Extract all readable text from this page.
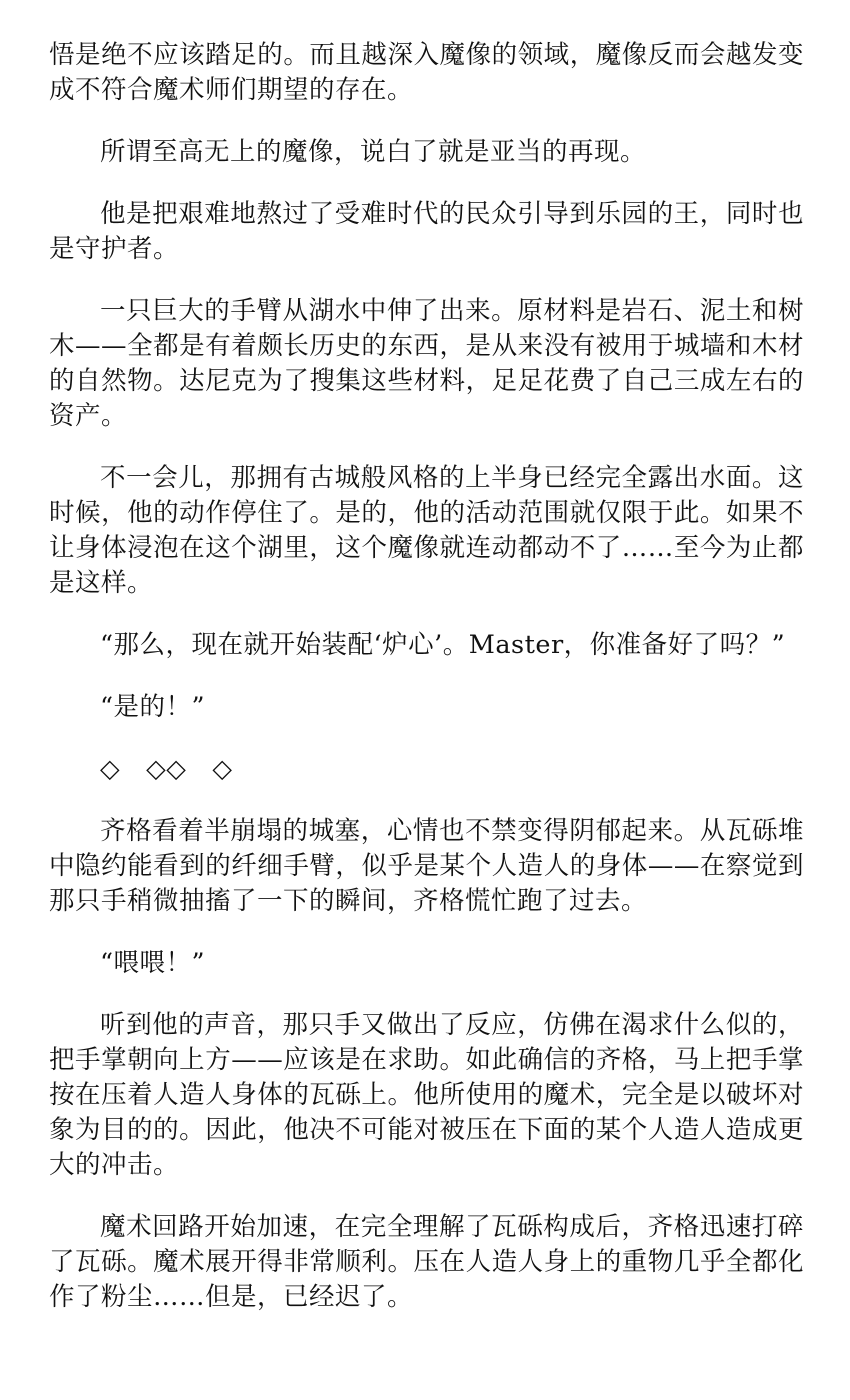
悟是绝不应该踏足的。而且越深入魔像的领域，魔像反而会越发变成不符合魔术师们期望的存在。

所谓至高无上的魔像，说白了就是亚当的再现。

他是把艰难地熬过了受难时代的民众引导到乐园的王，同时也是守护者。

一只巨大的手臂从湖水中伸了出来。原材料是岩石、泥土和树木——全都是有着颇长历史的东西，是从来没有被用于城墙和木材的自然物。达尼克为了搜集这些材料，足足花费了自己三成左右的资产。

不一会儿，那拥有古城般风格的上半身已经完全露出水面。这时候，他的动作停住了。是的，他的活动范围就仅限于此。如果不让身体浸泡在这个湖里，这个魔像就连动都动不了……至今为止都是这样。

“那么，现在就开始装配‘炉心’。Master，你准备好了吗？”

“是的！”

◇　◇◇　◇

齐格看着半崩塌的城塞，心情也不禁变得阴郁起来。从瓦砾堆中隐约能看到的纤细手臂，似乎是某个人造人的身体——在察觉到那只手稍微抽搐了一下的瞬间，齐格慌忙跑了过去。

“喂喂！”

听到他的声音，那只手又做出了反应，仿佛在渴求什么似的，把手掌朝向上方——应该是在求助。如此确信的齐格，马上把手掌按在压着人造人身体的瓦砾上。他所使用的魔术，完全是以破坏对象为目的的。因此，他决不可能对被压在下面的某个人造人造成更大的冲击。

魔术回路开始加速，在完全理解了瓦砾构成后，齐格迅速打碎了瓦砾。魔术展开得非常顺利。压在人造人身上的重物几乎全都化作了粉尘……但是，已经迟了。
